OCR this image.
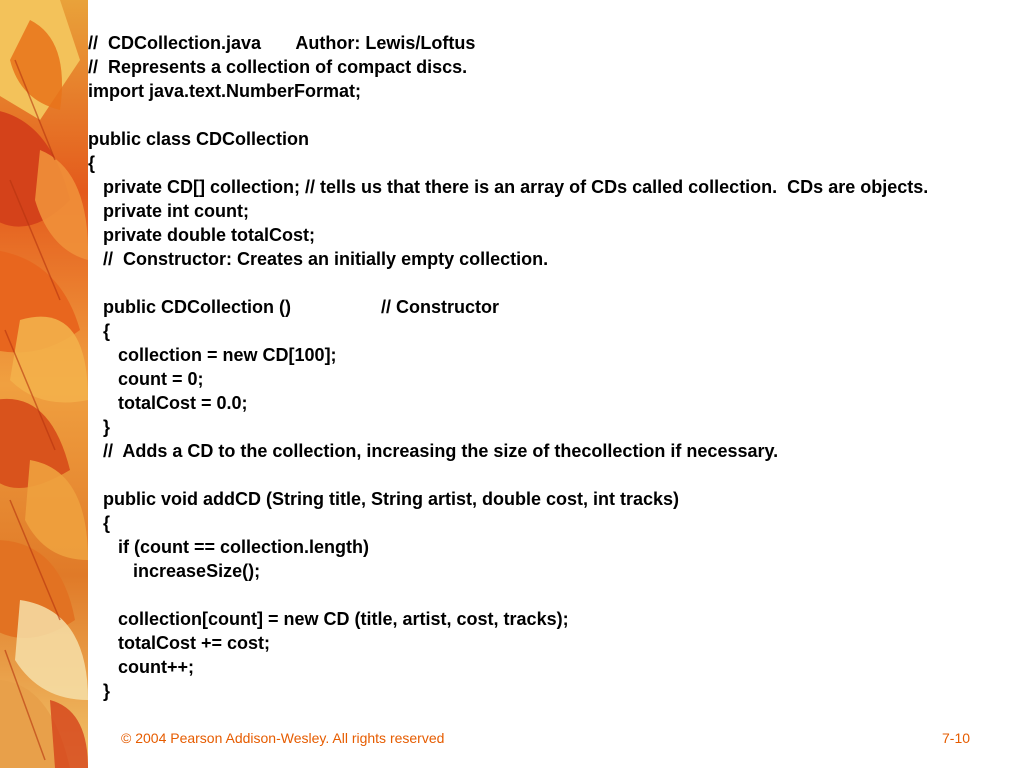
//  CDCollection.java       Author: Lewis/Loftus
//  Represents a collection of compact discs.
import java.text.NumberFormat;
public class CDCollection
{
private CD[] collection; // tells us that there is an array of CDs called collection.  CDs are objects.
private int count;
private double totalCost;
//  Constructor: Creates an initially empty collection.
public CDCollection ()                  // Constructor
{
collection = new CD[100];
count = 0;
totalCost = 0.0;
}
//  Adds a CD to the collection, increasing the size of thecollection if necessary.
public void addCD (String title, String artist, double cost, int tracks)
{
if (count == collection.length)
increaseSize();
collection[count] = new CD (title, artist, cost, tracks);
totalCost += cost;
count++;
}
© 2004 Pearson Addison-Wesley. All rights reserved	7-10
